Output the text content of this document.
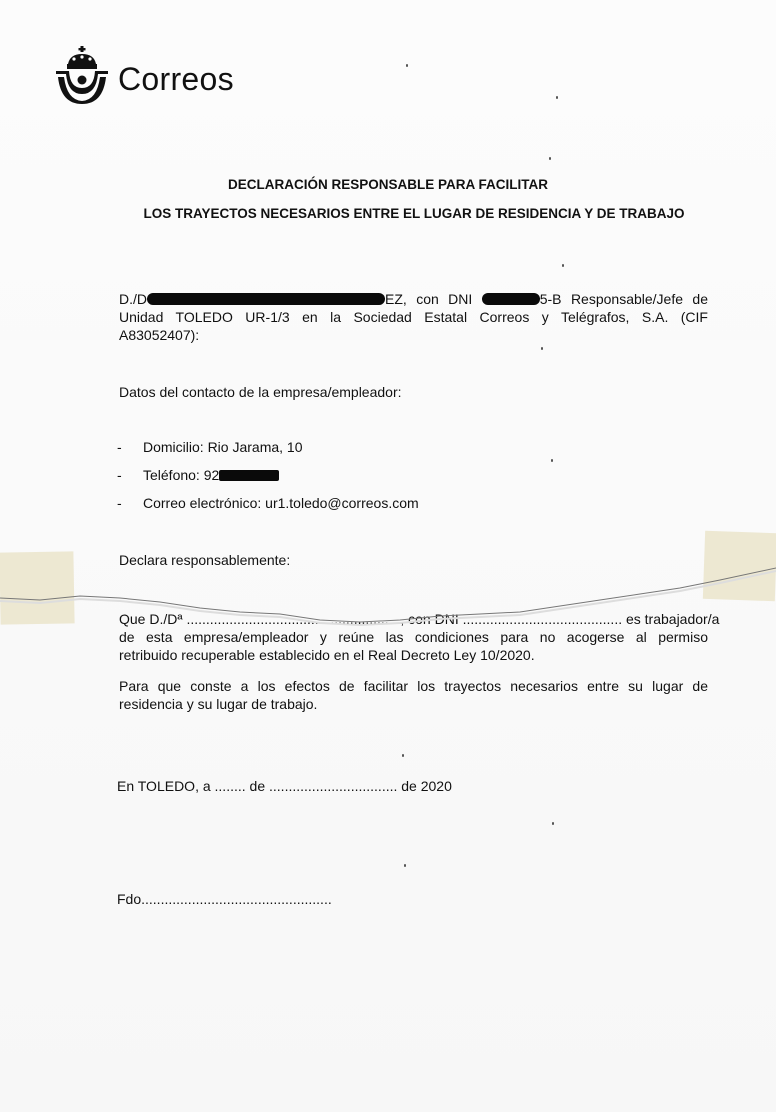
Correos
DECLARACIÓN RESPONSABLE PARA FACILITAR
LOS TRAYECTOS NECESARIOS ENTRE EL LUGAR DE RESIDENCIA Y DE TRABAJO
D./D	EZ, con DNI	5-B Responsable/Jefe de
Unidad TOLEDO UR-1/3 en la Sociedad Estatal Correos y Telégrafos, S.A. (CIF
A83052407):
Datos del contacto de la empresa/empleador:
- Domicilio: Rio Jarama, 10
- Teléfono: 92
- Correo electrónico: ur1.toledo@correos.com
Declara responsablemente:
Que D./Dª ......................................................., con DNI ......................................... es trabajador/a
de esta empresa/empleador y reúne las condiciones para no acogerse al permiso
retribuido recuperable establecido en el Real Decreto Ley 10/2020.
Para que conste a los efectos de facilitar los trayectos necesarios entre su lugar de
residencia y su lugar de trabajo.
En TOLEDO, a ........ de ................................. de 2020
Fdo.................................................
